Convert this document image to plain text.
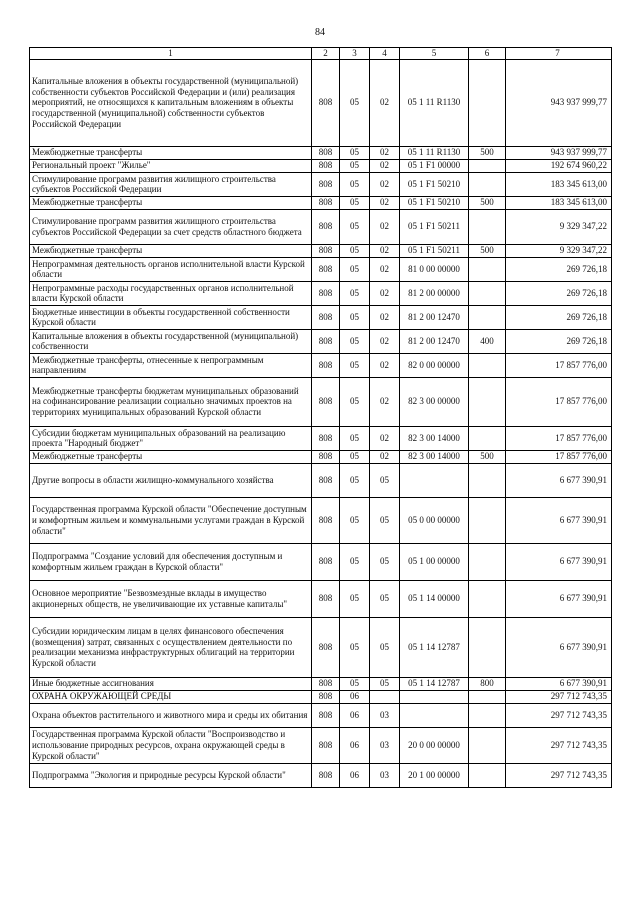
84
1	2	3	4	5	6	7
Капитальные вложения в объекты государственной (муниципальной) собственности субъектов Российской Федерации и (или) реализация мероприятий, не относящихся к капитальным вложениям в объекты государственной (муниципальной) собственности субъектов Российской Федерации	808	05	02	05 1 11 R1130		943 937 999,77
Межбюджетные трансферты	808	05	02	05 1 11 R1130	500	943 937 999,77
Региональный проект "Жилье"	808	05	02	05 1 F1 00000		192 674 960,22
Стимулирование программ развития жилищного строительства субъектов Российской Федерации	808	05	02	05 1 F1 50210		183 345 613,00
Межбюджетные трансферты	808	05	02	05 1 F1 50210	500	183 345 613,00
Стимулирование программ развития жилищного строительства субъектов Российской Федерации за счет средств областного бюджета	808	05	02	05 1 F1 50211		9 329 347,22
Межбюджетные трансферты	808	05	02	05 1 F1 50211	500	9 329 347,22
Непрограммная деятельность органов исполнительной власти Курской области	808	05	02	81 0 00 00000		269 726,18
Непрограммные расходы государственных органов исполнительной власти Курской области	808	05	02	81 2 00 00000		269 726,18
Бюджетные инвестиции в объекты государственной собственности Курской области	808	05	02	81 2 00 12470		269 726,18
Капитальные вложения в объекты государственной (муниципальной) собственности	808	05	02	81 2 00 12470	400	269 726,18
Межбюджетные трансферты, отнесенные к непрограммным направлениям	808	05	02	82 0 00 00000		17 857 776,00
Межбюджетные трансферты бюджетам муниципальных образований на софинансирование реализации социально значимых проектов на территориях муниципальных образований Курской области	808	05	02	82 3 00 00000		17 857 776,00
Субсидии бюджетам муниципальных образований на реализацию проекта "Народный бюджет"	808	05	02	82 3 00 14000		17 857 776,00
Межбюджетные трансферты	808	05	02	82 3 00 14000	500	17 857 776,00
Другие вопросы в области жилищно-коммунального хозяйства	808	05	05			6 677 390,91
Государственная программа Курской области "Обеспечение доступным и комфортным жильем и коммунальными услугами граждан в Курской области"	808	05	05	05 0 00 00000		6 677 390,91
Подпрограмма "Создание условий для обеспечения доступным и комфортным жильем граждан в Курской области"	808	05	05	05 1 00 00000		6 677 390,91
Основное мероприятие "Безвозмездные вклады в имущество акционерных обществ, не увеличивающие их уставные капиталы"	808	05	05	05 1 14 00000		6 677 390,91
Субсидии юридическим лицам в целях финансового обеспечения (возмещения) затрат, связанных с осуществлением деятельности по реализации механизма инфраструктурных облигаций на территории Курской области	808	05	05	05 1 14 12787		6 677 390,91
Иные бюджетные ассигнования	808	05	05	05 1 14 12787	800	6 677 390,91
ОХРАНА ОКРУЖАЮЩЕЙ СРЕДЫ	808	06				297 712 743,35
Охрана объектов растительного и животного мира и среды их обитания	808	06	03			297 712 743,35
Государственная программа Курской области "Воспроизводство и использование природных ресурсов, охрана окружающей среды в Курской области"	808	06	03	20 0 00 00000		297 712 743,35
Подпрограмма "Экология и природные ресурсы Курской области"	808	06	03	20 1 00 00000		297 712 743,35
